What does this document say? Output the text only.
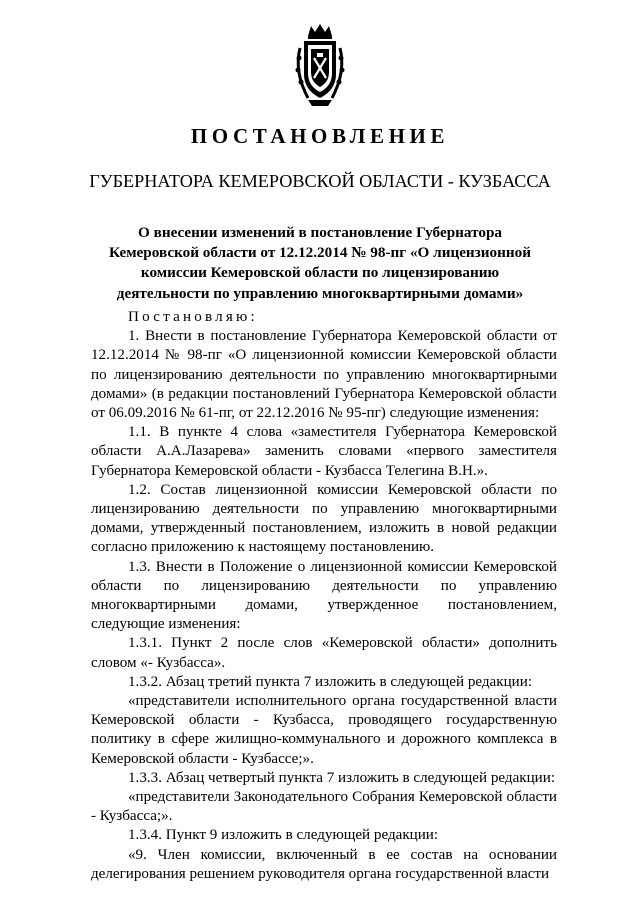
ПОСТАНОВЛЕНИЕ
ГУБЕРНАТОРА КЕМЕРОВСКОЙ ОБЛАСТИ - КУЗБАССА
О внесении изменений в постановление Губернатора Кемеровской области от 12.12.2014 № 98-пг «О лицензионной комиссии Кемеровской области по лицензированию деятельности по управлению многоквартирными домами»

Постановляю:

1. Внести в постановление Губернатора Кемеровской области от 12.12.2014 № 98-пг «О лицензионной комиссии Кемеровской области по лицензированию деятельности по управлению многоквартирными домами» (в редакции постановлений Губернатора Кемеровской области от 06.09.2016 № 61-пг, от 22.12.2016 № 95-пг) следующие изменения:

1.1. В пункте 4 слова «заместителя Губернатора Кемеровской области А.А.Лазарева» заменить словами «первого заместителя Губернатора Кемеровской области - Кузбасса Телегина В.Н.».

1.2. Состав лицензионной комиссии Кемеровской области по лицензированию деятельности по управлению многоквартирными домами, утвержденный постановлением, изложить в новой редакции согласно приложению к настоящему постановлению.

1.3. Внести в Положение о лицензионной комиссии Кемеровской области по лицензированию деятельности по управлению многоквартирными домами, утвержденное постановлением, следующие изменения:

1.3.1. Пункт 2 после слов «Кемеровской области» дополнить словом «- Кузбасса».

1.3.2. Абзац третий пункта 7 изложить в следующей редакции:

«представители исполнительного органа государственной власти Кемеровской области - Кузбасса, проводящего государственную политику в сфере жилищно-коммунального и дорожного комплекса в Кемеровской области - Кузбассе;».

1.3.3. Абзац четвертый пункта 7 изложить в следующей редакции:

«представители Законодательного Собрания Кемеровской области - Кузбасса;».

1.3.4. Пункт 9 изложить в следующей редакции:

«9. Член комиссии, включенный в ее состав на основании делегирования решением руководителя органа государственной власти
